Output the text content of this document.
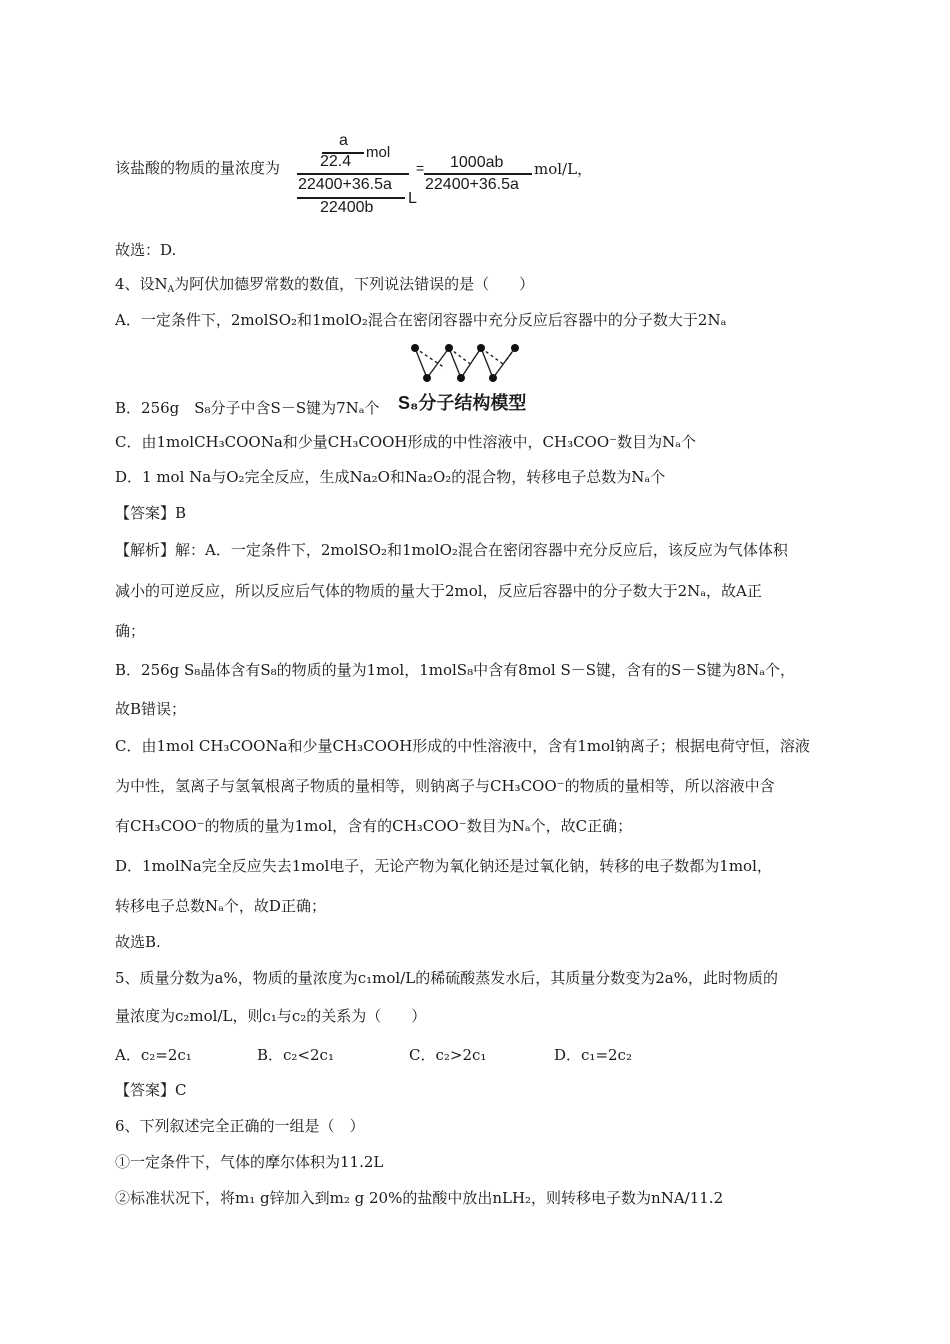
该盐酸的物质的量浓度为
a
22.4
mol
22400+36.5a
22400b
L
= 1000ab
22400+36.5a
mol/L，
故选：D.
4、设$N_A$为阿伏加德罗常数的数值，下列说法错误的是（　　）
A．一定条件下，2molSO₂和1molO₂混合在密闭容器中充分反应后容器中的分子数大于2Nₐ
B．256g　S₈分子中含S－S键为7Nₐ个 S₈分子结构模型
C．由1molCH₃COONa和少量CH₃COOH形成的中性溶液中，CH₃COO⁻数目为Nₐ个
D．1 mol Na与O₂完全反应，生成Na₂O和Na₂O₂的混合物，转移电子总数为Nₐ个
【答案】B
【解析】解：A．一定条件下，2molSO₂和1molO₂混合在密闭容器中充分反应后，该反应为气体体积
减小的可逆反应，所以反应后气体的物质的量大于2mol，反应后容器中的分子数大于2Nₐ，故A正
确；
B．256g S₈晶体含有S₈的物质的量为1mol，1molS₈中含有8mol S－S键，含有的S－S键为8Nₐ个，
故B错误；
C．由1mol CH₃COONa和少量CH₃COOH形成的中性溶液中，含有1mol钠离子；根据电荷守恒，溶液
为中性，氢离子与氢氧根离子物质的量相等，则钠离子与CH₃COO⁻的物质的量相等，所以溶液中含
有CH₃COO⁻的物质的量为1mol，含有的CH₃COO⁻数目为Nₐ个，故C正确；
D．1molNa完全反应失去1mol电子，无论产物为氧化钠还是过氧化钠，转移的电子数都为1mol，
转移电子总数Nₐ个，故D正确；
故选B.
5、质量分数为a%，物质的量浓度为c₁mol/L的稀硫酸蒸发水后，其质量分数变为2a%，此时物质的
量浓度为c₂mol/L，则c₁与c₂的关系为（　　）
A．c₂=2c₁	B．c₂<2c₁	C．c₂>2c₁	D．c₁=2c₂
【答案】C
6、下列叙述完全正确的一组是（　）
①一定条件下，气体的摩尔体积为11.2L
②标准状况下，将m₁ g锌加入到m₂ g 20%的盐酸中放出nLH₂，则转移电子数为nNA/11.2
